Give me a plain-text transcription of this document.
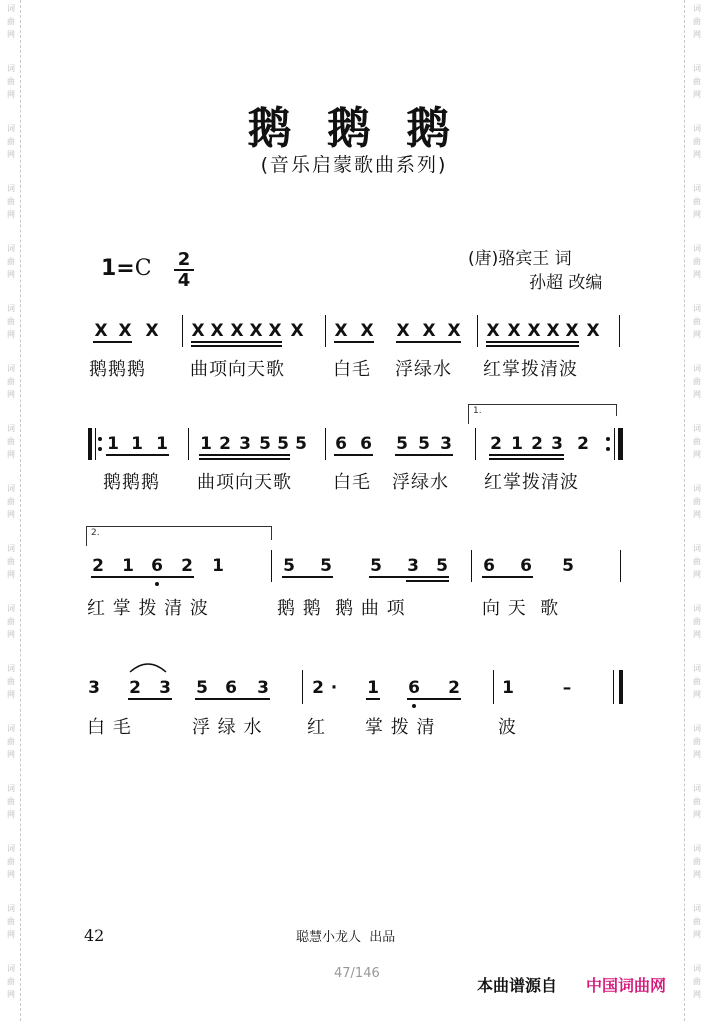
词
曲
网
词
曲
网
词
曲
网
词
曲
网
词
曲
网
词
曲
网
词
曲
网
词
曲
网
词
曲
网
词
曲
网
词
曲
网
词
曲
网
词
曲
网
词
曲
网
词
曲
网
词
曲
网
词
曲
网
词
曲
网
词
曲
网
词
曲
网
词
曲
网
词
曲
网
词
曲
网
词
曲
网
词
曲
网
词
曲
网
词
曲
网
词
曲
网
词
曲
网
词
曲
网
词
曲
网
词
曲
网
词
曲
网
词
曲
网
鹅 鹅 鹅
(音乐启蒙歌曲系列)
1=C 2
4
(唐)骆宾王 词
孙超 改编
X X X X X X X X X X X X X X X X X X X X
1 1 1 1 2 3 5 5 5 6 6 5 5 3 2 1 2 3 2
2 1 6 2 1	5 5 5 3 5 6 6 5
3 2 3 5 6 3	2 · 1 6 2 1	–
鹅鹅鹅 曲项向天歌	白毛 浮绿水 红掌拨清波
鹅鹅鹅 曲项向天歌 白毛 浮绿水 红掌拨清波
红 掌 拨 清 波	鹅 鹅  鹅 曲 项	向 天  歌
白 毛	浮 绿 水 红 掌 拨 清	波
1.
2.
42	聪慧小龙人  出品
47/146
本曲谱源自 中国词曲网
